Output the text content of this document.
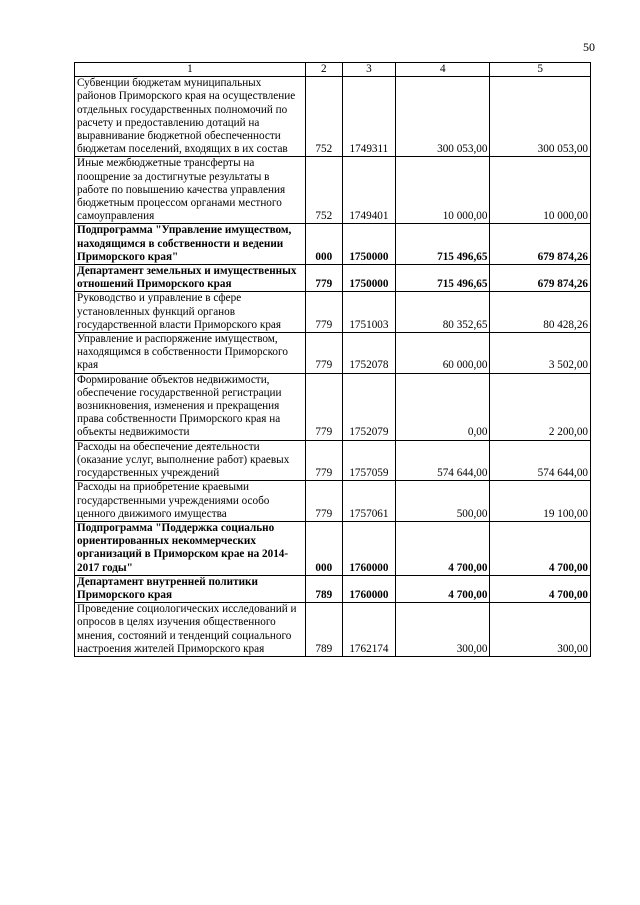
50
1	2	3	4	5
Субвенции бюджетам муниципальных районов Приморского края на осуществление отдельных государственных полномочий по расчету и предоставлению дотаций на выравнивание бюджетной обеспеченности бюджетам поселений, входящих в их состав	752	1749311	300 053,00	300 053,00
Иные межбюджетные трансферты на поощрение за достигнутые результаты в работе по повышению качества управления бюджетным процессом органами местного самоуправления	752	1749401	10 000,00	10 000,00
Подпрограмма "Управление имуществом, находящимся в собственности и ведении Приморского края"	000	1750000	715 496,65	679 874,26
Департамент земельных и имущественных отношений Приморского края	779	1750000	715 496,65	679 874,26
Руководство и управление в сфере установленных функций органов государственной власти Приморского края	779	1751003	80 352,65	80 428,26
Управление и распоряжение имуществом, находящимся в собственности Приморского края	779	1752078	60 000,00	3 502,00
Формирование объектов недвижимости, обеспечение государственной регистрации возникновения, изменения и прекращения права собственности Приморского края на объекты недвижимости	779	1752079	0,00	2 200,00
Расходы на обеспечение деятельности (оказание услуг, выполнение работ) краевых государственных учреждений	779	1757059	574 644,00	574 644,00
Расходы на приобретение краевыми государственными учреждениями особо ценного движимого имущества	779	1757061	500,00	19 100,00
Подпрограмма "Поддержка социально ориентированных некоммерческих организаций в Приморском крае на 2014-2017 годы"	000	1760000	4 700,00	4 700,00
Департамент внутренней политики Приморского края	789	1760000	4 700,00	4 700,00
Проведение социологических исследований и опросов в целях изучения общественного мнения, состояний и тенденций социального настроения жителей Приморского края	789	1762174	300,00	300,00
